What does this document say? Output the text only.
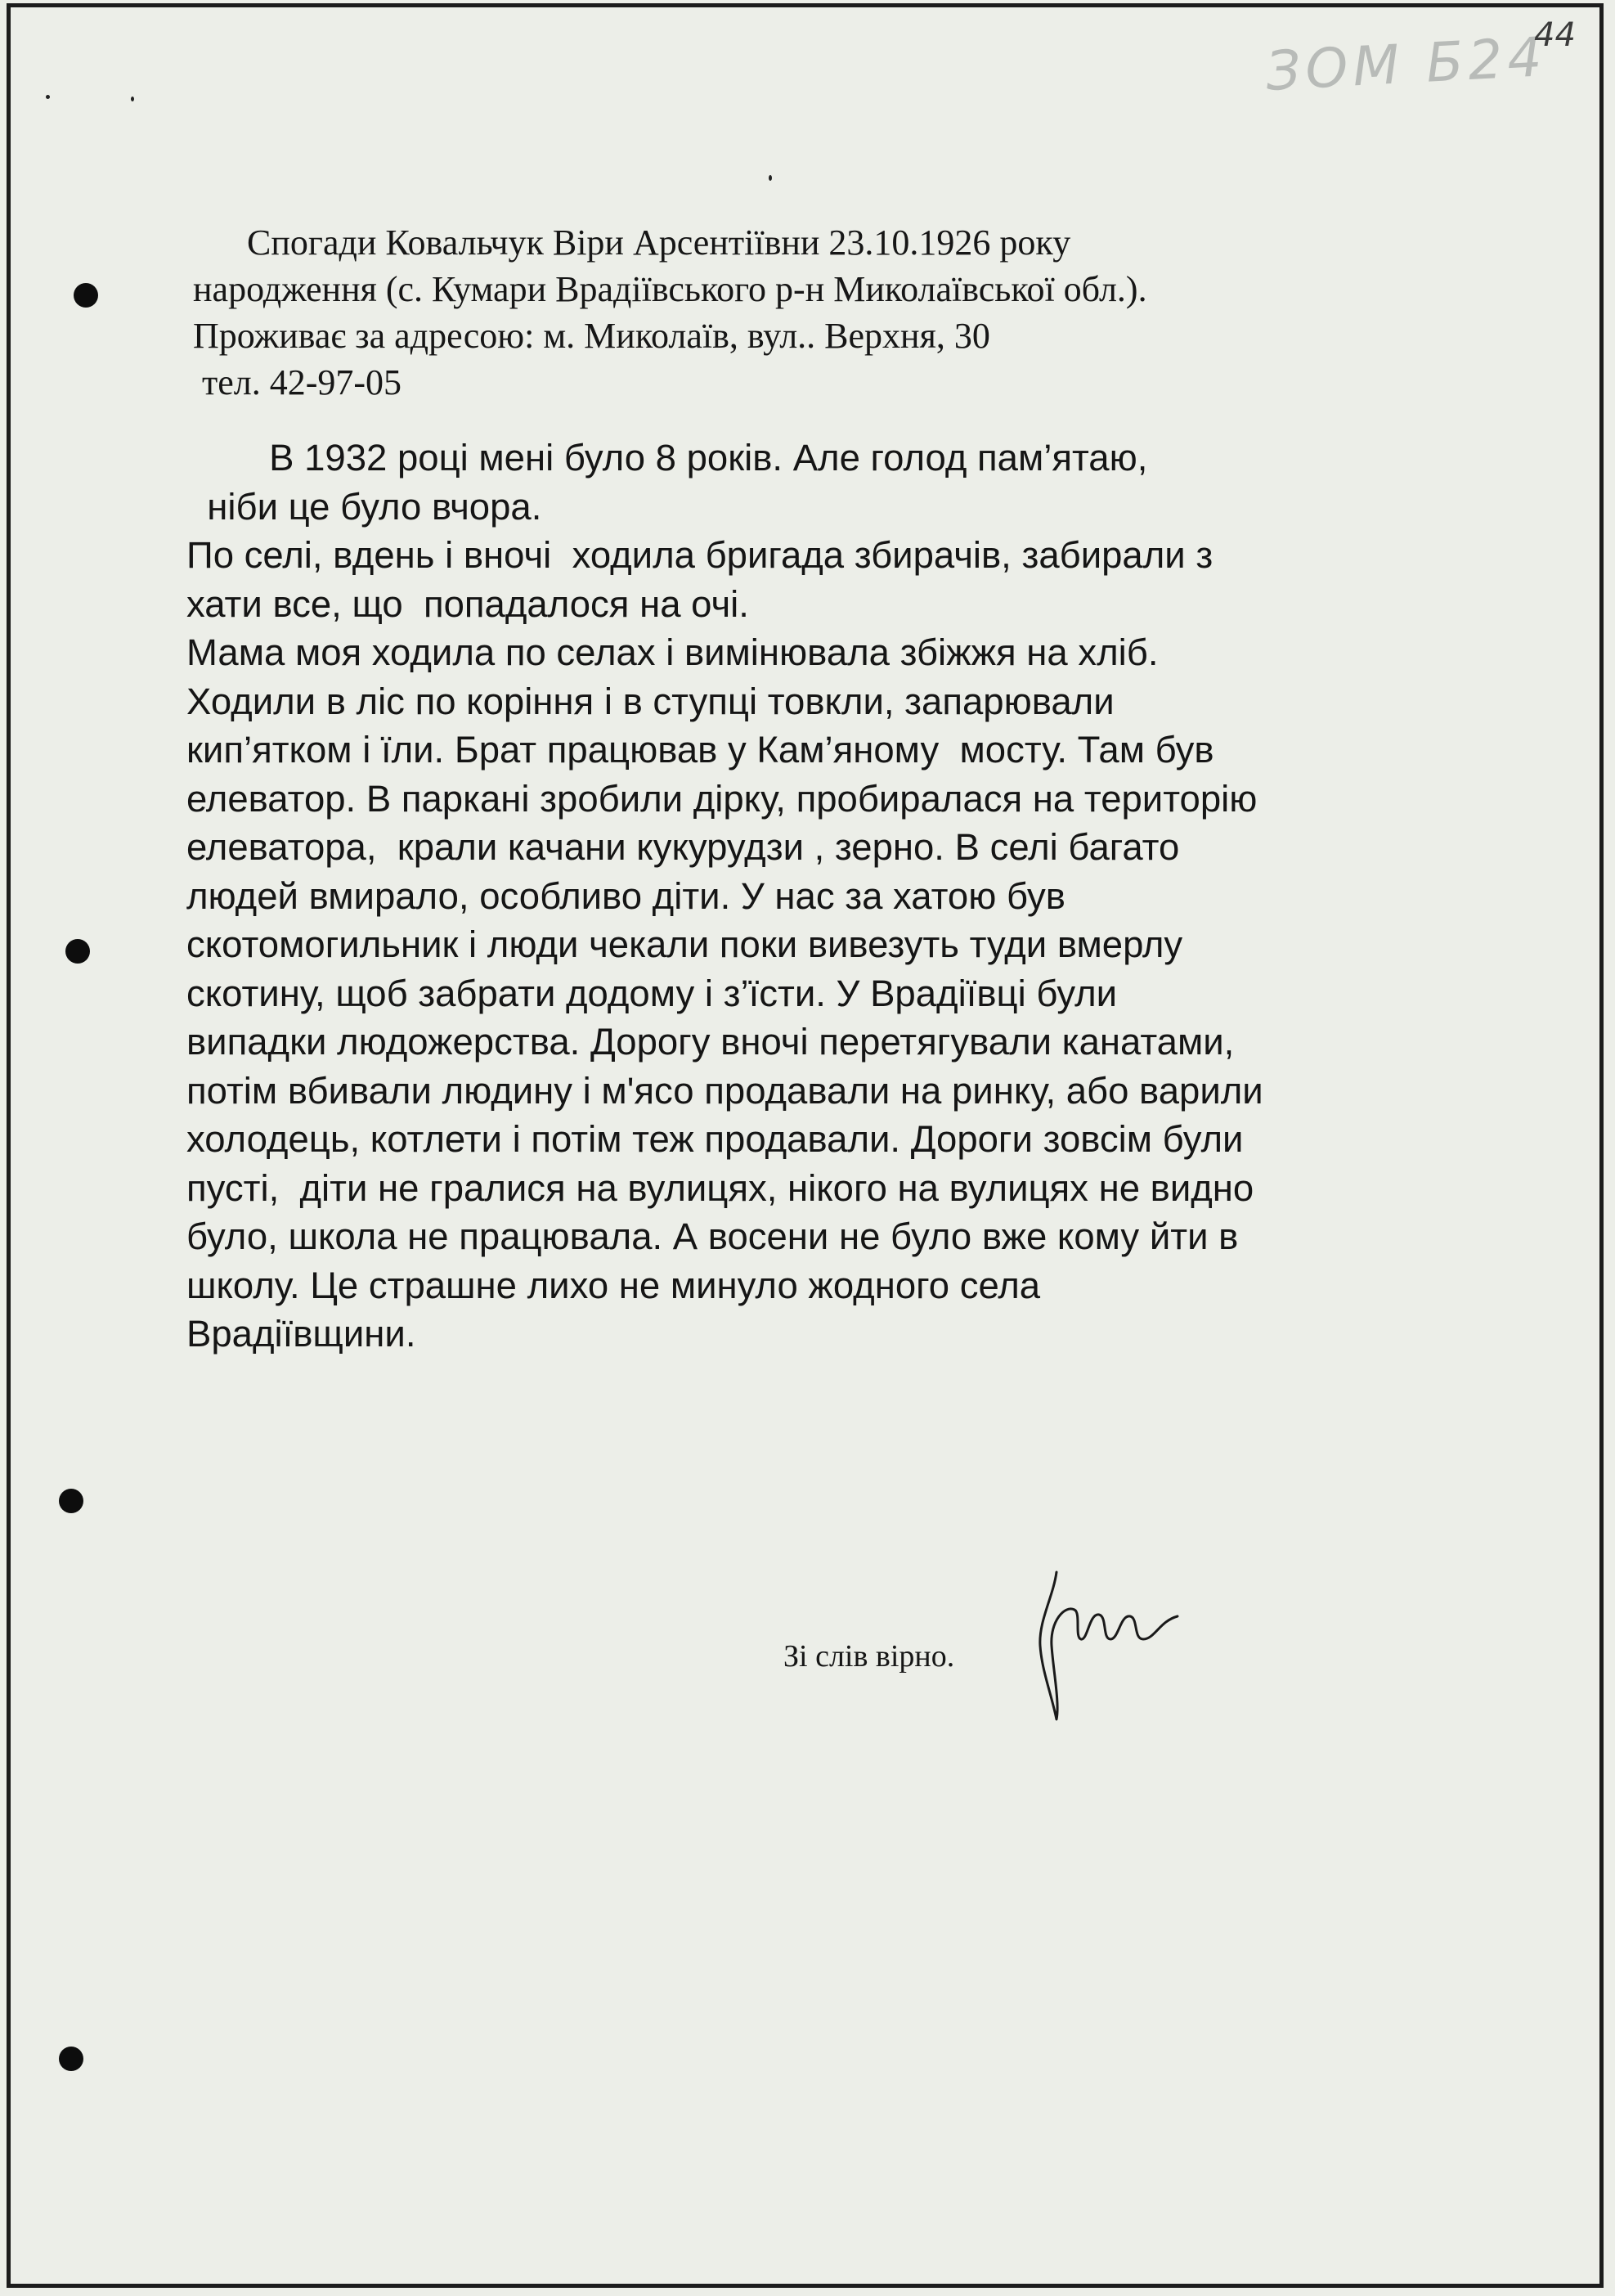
ЗОМ Б24
44
Спогади Ковальчук Віри Арсентіївни 23.10.1926 року
народження (с. Кумари Врадіївського р-н Миколаївської обл.).
Проживає за адресою: м. Миколаїв, вул.. Верхня, 30
тел. 42-97-05
В 1932 році мені було 8 років. Але голод пам’ятаю,
ніби це було вчора.
По селі, вдень і вночі  ходила бригада збирачів, забирали з
хати все, що  попадалося на очі.
Мама моя ходила по селах і вимінювала збіжжя на хліб.
Ходили в ліс по коріння і в ступці товкли, запарювали
кип’ятком і їли. Брат працював у Кам’яному  мосту. Там був
елеватор. В паркані зробили дірку, пробиралася на територію
елеватора,  крали качани кукурудзи , зерно. В селі багато
людей вмирало, особливо діти. У нас за хатою був
скотомогильник і люди чекали поки вивезуть туди вмерлу
скотину, щоб забрати додому і з’їсти. У Врадіївці були
випадки людожерства. Дорогу вночі перетягували канатами,
потім вбивали людину і м'ясо продавали на ринку, або варили
холодець, котлети і потім теж продавали. Дороги зовсім були
пусті,  діти не гралися на вулицях, нікого на вулицях не видно
було, школа не працювала. А восени не було вже кому йти в
школу. Це страшне лихо не минуло жодного села
Врадіївщини.
Зі слів вірно.
